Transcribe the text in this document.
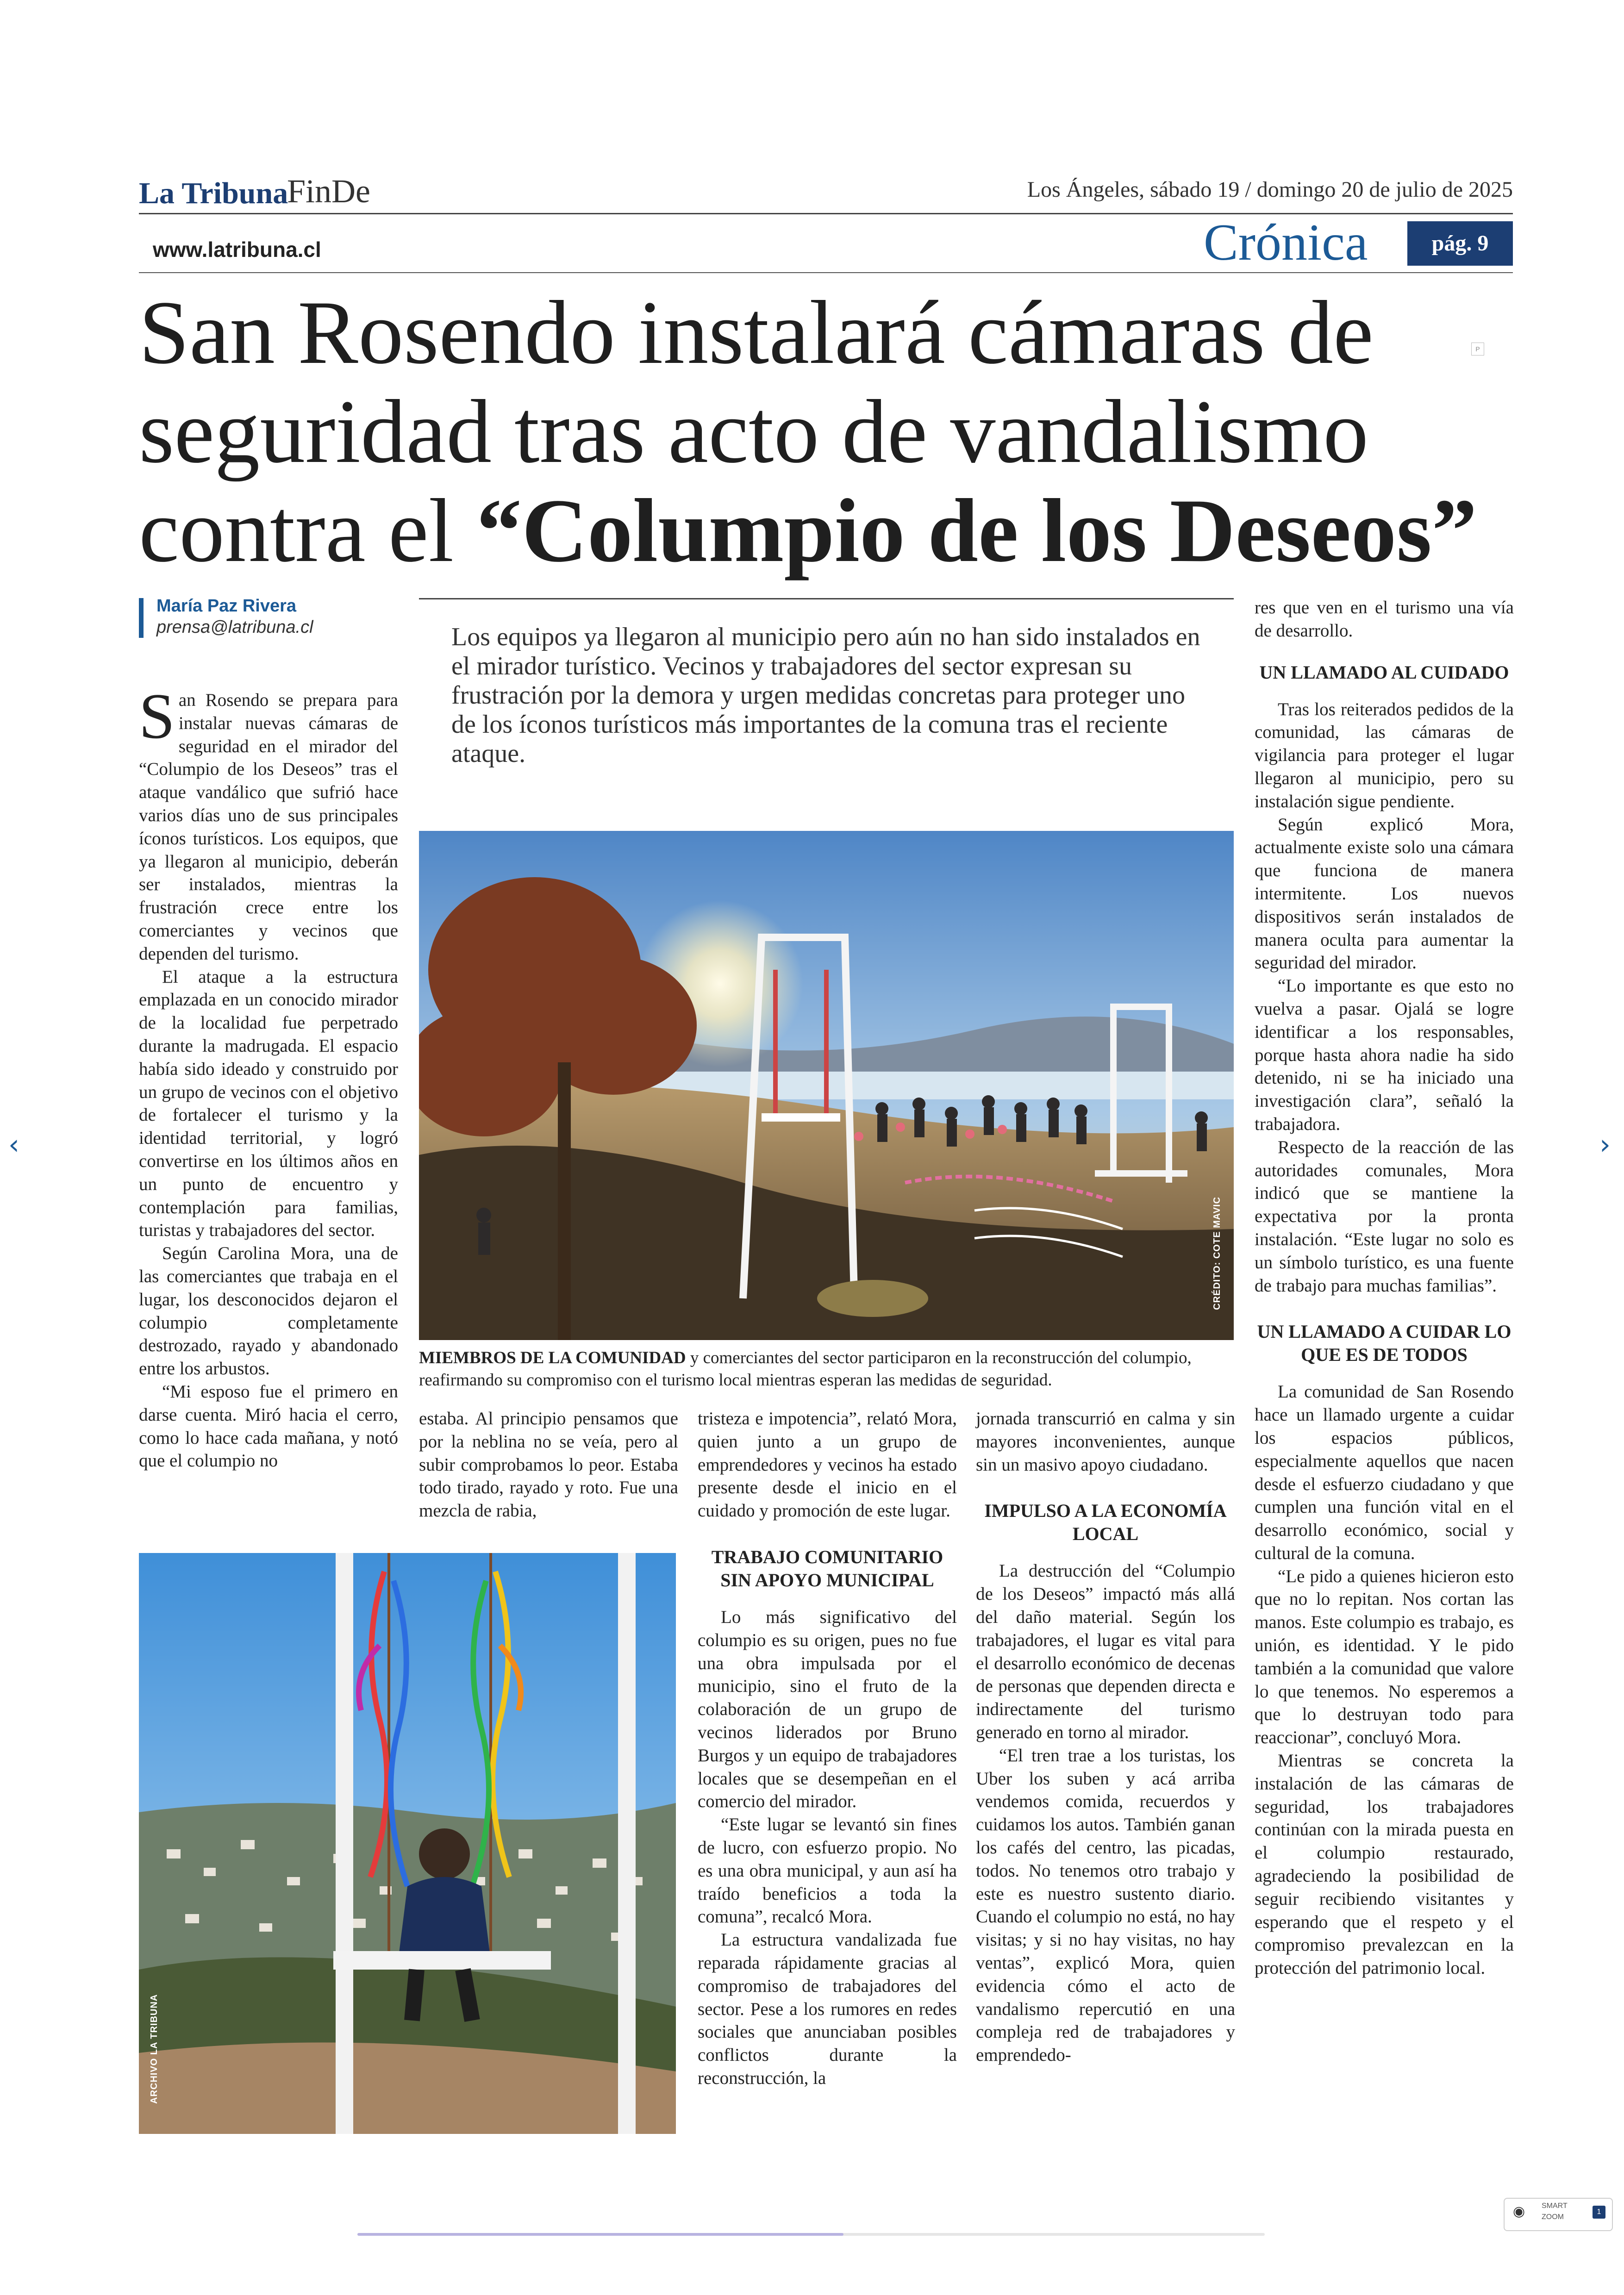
La Tribuna
FinDe	Los Ángeles, sábado 19 / domingo 20 de julio de 2025
www.latribuna.cl	Crónica	pág. 9
San Rosendo instalará cámaras de seguridad tras acto de vandalismo contra el “Columpio de los Deseos”
P
María Paz Rivera
prensa@latribuna.cl	Los equipos ya llegaron al municipio pero aún no han sido instalados en el mirador turístico. Vecinos y trabajadores del sector expresan su frustración por la demora y urgen medidas concretas para proteger uno de los íconos turísticos más importantes de la comuna tras el reciente ataque.

San Rosendo se prepara para instalar nuevas cámaras de seguridad en el mirador del “Columpio de los Deseos” tras el ataque vandálico que sufrió hace varios días uno de sus principales íconos turísticos. Los equipos, que ya llegaron al municipio, deberán ser instalados, mientras la frustración crece entre los comerciantes y vecinos que dependen del turismo.

El ataque a la estructura emplazada en un conocido mirador de la localidad fue perpetrado durante la madrugada. El espacio había sido ideado y construido por un grupo de vecinos con el objetivo de fortalecer el turismo y la identidad territorial, y logró convertirse en los últimos años en un punto de encuentro y contemplación para familias, turistas y trabajadores del sector.

Según Carolina Mora, una de las comerciantes que trabaja en el lugar, los desconocidos dejaron el columpio completamente destrozado, rayado y abandonado entre los arbustos.

“Mi esposo fue el primero en darse cuenta. Miró hacia el cerro, como lo hace cada mañana, y notó que el columpio no

CRÉDITO: COTE MAVIC
MIEMBROS DE LA COMUNIDAD y comerciantes del sector participaron en la reconstrucción del columpio, reafirmando su compromiso con el turismo local mientras esperan las medidas de seguridad.

estaba. Al principio pensamos que por la neblina no se veía, pero al subir comprobamos lo peor. Estaba todo tirado, rayado y roto. Fue una mezcla de rabia,

ARCHIVO LA TRIBUNA

tristeza e impotencia”, relató Mora, quien junto a un grupo de emprendedores y vecinos ha estado presente desde el inicio en el cuidado y promoción de este lugar.

TRABAJO COMUNITARIO SIN APOYO MUNICIPAL

Lo más significativo del columpio es su origen, pues no fue una obra impulsada por el municipio, sino el fruto de la colaboración de un grupo de vecinos liderados por Bruno Burgos y un equipo de trabajadores locales que se desempeñan en el comercio del mirador.

“Este lugar se levantó sin fines de lucro, con esfuerzo propio. No es una obra municipal, y aun así ha traído beneficios a toda la comuna”, recalcó Mora.

La estructura vandalizada fue reparada rápidamente gracias al compromiso de trabajadores del sector. Pese a los rumores en redes sociales que anunciaban posibles conflictos durante la reconstrucción, la

jornada transcurrió en calma y sin mayores inconvenientes, aunque sin un masivo apoyo ciudadano.

IMPULSO A LA ECONOMÍA LOCAL

La destrucción del “Columpio de los Deseos” impactó más allá del daño material. Según los trabajadores, el lugar es vital para el desarrollo económico de decenas de personas que dependen directa e indirectamente del turismo generado en torno al mirador.

“El tren trae a los turistas, los Uber los suben y acá arriba vendemos comida, recuerdos y cuidamos los autos. También ganan los cafés del centro, las picadas, todos. No tenemos otro trabajo y este es nuestro sustento diario. Cuando el columpio no está, no hay visitas; y si no hay visitas, no hay ventas”, explicó Mora, quien evidencia cómo el acto de vandalismo repercutió en una compleja red de trabajadores y emprendedo-

res que ven en el turismo una vía de desarrollo.

UN LLAMADO AL CUIDADO

Tras los reiterados pedidos de la comunidad, las cámaras de vigilancia para proteger el lugar llegaron al municipio, pero su instalación sigue pendiente.

Según explicó Mora, actualmente existe solo una cámara que funciona de manera intermitente. Los nuevos dispositivos serán instalados de manera oculta para aumentar la seguridad del mirador.

“Lo importante es que esto no vuelva a pasar. Ojalá se logre identificar a los responsables, porque hasta ahora nadie ha sido detenido, ni se ha iniciado una investigación clara”, señaló la trabajadora.

Respecto de la reacción de las autoridades comunales, Mora indicó que se mantiene la expectativa por la pronta instalación. “Este lugar no solo es un símbolo turístico, es una fuente de trabajo para muchas familias”.

UN LLAMADO A CUIDAR LO QUE ES DE TODOS

La comunidad de San Rosendo hace un llamado urgente a cuidar los espacios públicos, especialmente aquellos que nacen desde el esfuerzo ciudadano y que cumplen una función vital en el desarrollo económico, social y cultural de la comuna.

“Le pido a quienes hicieron esto que no lo repitan. Nos cortan las manos. Este columpio es trabajo, es unión, es identidad. Y le pido también a la comunidad que valore lo que tenemos. No esperemos a que lo destruyan todo para reaccionar”, concluyó Mora.

Mientras se concreta la instalación de las cámaras de seguridad, los trabajadores continúan con la mirada puesta en el columpio restaurado, agradeciendo la posibilidad de seguir recibiendo visitantes y esperando que el respeto y el compromiso prevalezcan en la protección del patrimonio local.

‹	›
◉ SMART
ZOOM
1
